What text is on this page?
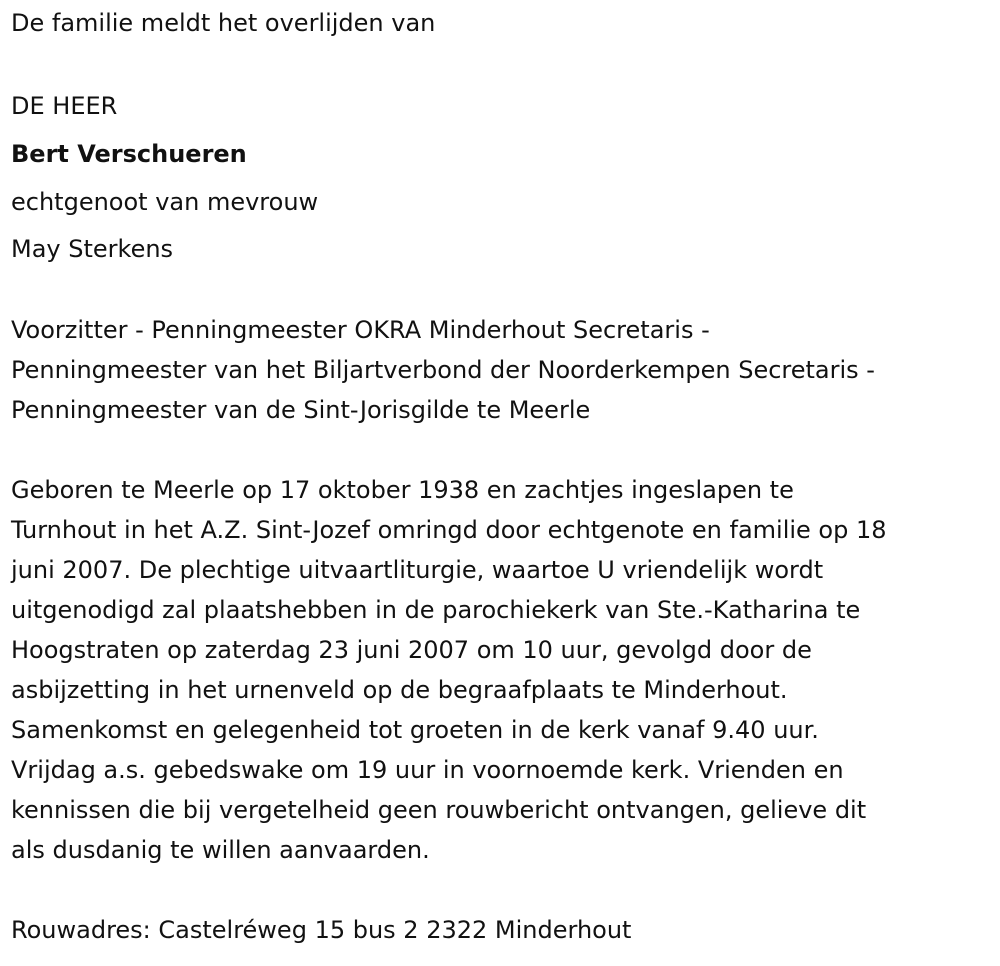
De familie meldt het overlijden van
DE HEER
Bert Verschueren
echtgenoot van mevrouw
May Sterkens
Voorzitter - Penningmeester OKRA Minderhout Secretaris -
Penningmeester van het Biljartverbond der Noorderkempen Secretaris -
Penningmeester van de Sint-Jorisgilde te Meerle
Geboren te Meerle op 17 oktober 1938 en zachtjes ingeslapen te
Turnhout in het A.Z. Sint-Jozef omringd door echtgenote en familie op 18
juni 2007. De plechtige uitvaartliturgie, waartoe U vriendelijk wordt
uitgenodigd zal plaatshebben in de parochiekerk van Ste.-Katharina te
Hoogstraten op zaterdag 23 juni 2007 om 10 uur, gevolgd door de
asbijzetting in het urnenveld op de begraafplaats te Minderhout.
Samenkomst en gelegenheid tot groeten in de kerk vanaf 9.40 uur.
Vrijdag a.s. gebedswake om 19 uur in voornoemde kerk. Vrienden en
kennissen die bij vergetelheid geen rouwbericht ontvangen, gelieve dit
als dusdanig te willen aanvaarden.
Rouwadres: Castelréweg 15 bus 2 2322 Minderhout
